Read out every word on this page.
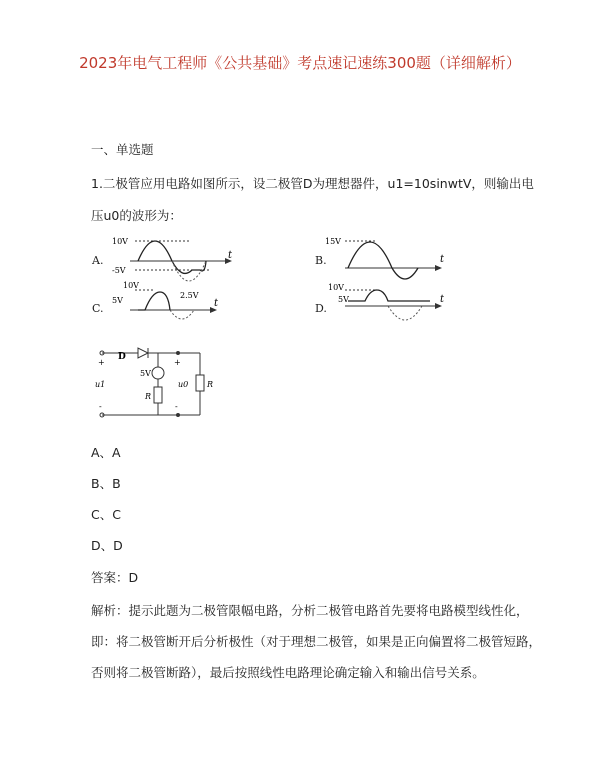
2023年电气工程师《公共基础》考点速记速练300题（详细解析）
一、单选题
1.二极管应用电路如图所示，设二极管D为理想器件，u1=10sinwtV，则输出电
压u0的波形为：
A.	t
10V
-5V
B.	t
15V
C.	t
10V
5V
2.5V
D.
t
10V
5V
D
5V
R
R
+
u1
-
+
u0
-
A、A
B、B
C、C
D、D
答案：D
解析：提示此题为二极管限幅电路，分析二极管电路首先要将电路模型线性化，
即：将二极管断开后分析极性（对于理想二极管，如果是正向偏置将二极管短路，
否则将二极管断路），最后按照线性电路理论确定输入和输出信号关系。
